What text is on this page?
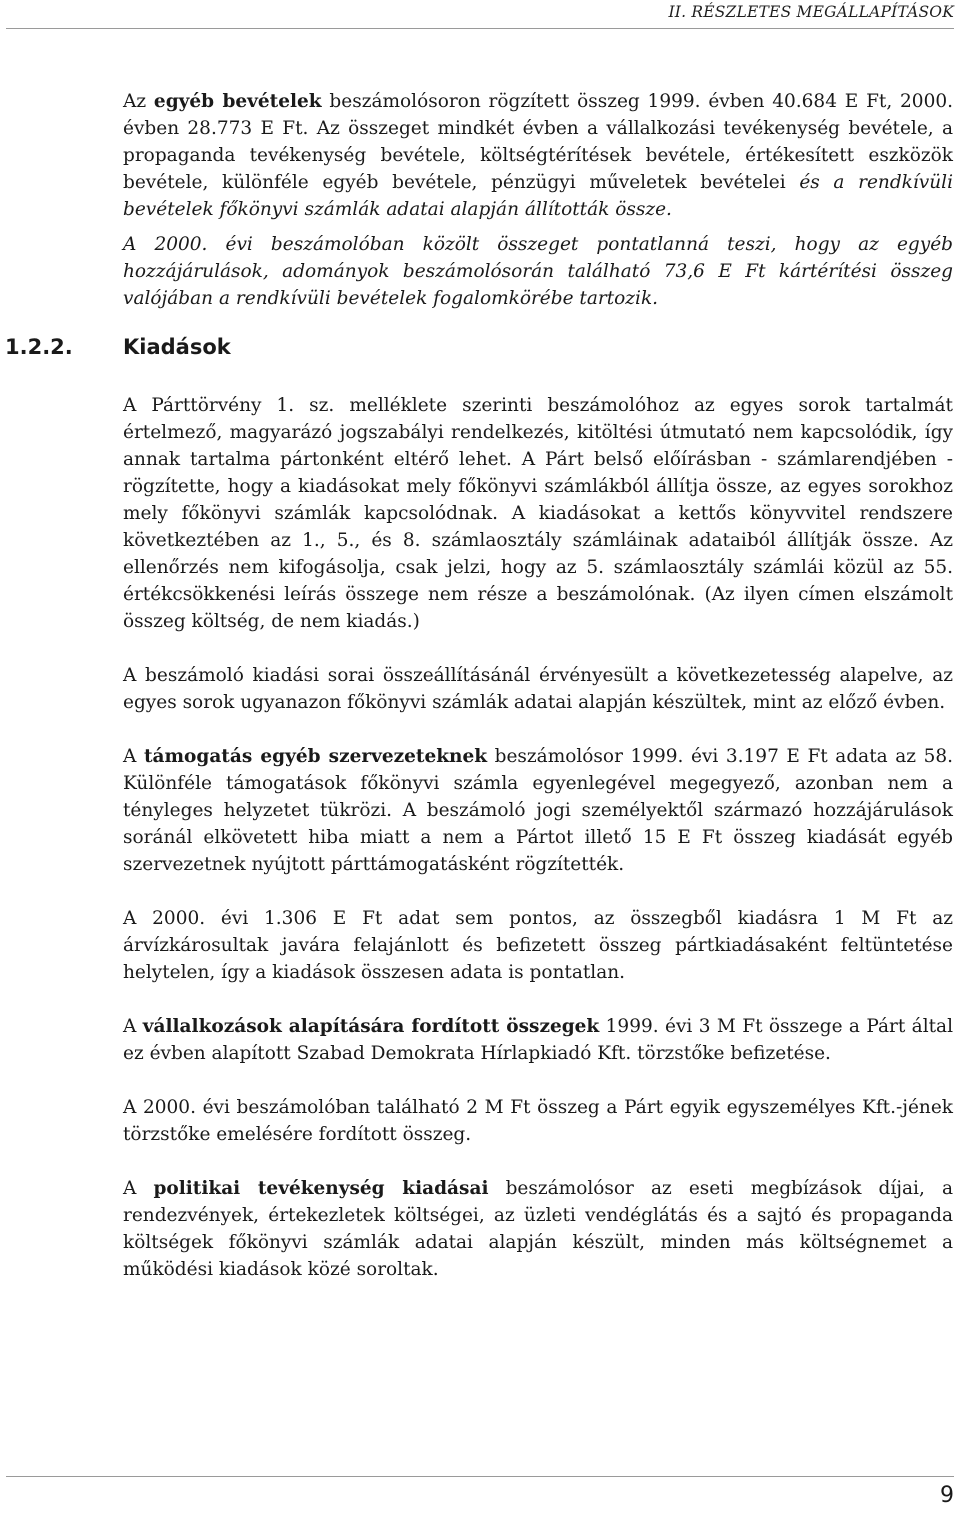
II. RÉSZLETES MEGÁLLAPÍTÁSOK

Az egyéb bevételek beszámolósoron rögzített összeg 1999. évben 40.684 E Ft, 2000. évben 28.773 E Ft. Az összeget mindkét évben a vállalkozási tevékenység bevétele, a propaganda tevékenység bevétele, költségtérítések bevétele, értékesített eszközök bevétele, különféle egyéb bevétele, pénzügyi műveletek bevételei és a rendkívüli bevételek főkönyvi számlák adatai alapján állították össze.

A 2000. évi beszámolóban közölt összeget pontatlanná teszi, hogy az egyéb hozzájárulások, adományok beszámolósorán található 73,6 E Ft kártérítési összeg valójában a rendkívüli bevételek fogalomkörébe tartozik.

1.2.2. Kiadások

A Párttörvény 1. sz. melléklete szerinti beszámolóhoz az egyes sorok tartalmát értelmező, magyarázó jogszabályi rendelkezés, kitöltési útmutató nem kapcsolódik, így annak tartalma pártonként eltérő lehet. A Párt belső előírásban - számlarendjében - rögzítette, hogy a kiadásokat mely főkönyvi számlákból állítja össze, az egyes sorokhoz mely főkönyvi számlák kapcsolódnak. A kiadásokat a kettős könyvvitel rendszere következtében az 1., 5., és 8. számlaosztály számláinak adataiból állítják össze. Az ellenőrzés nem kifogásolja, csak jelzi, hogy az 5. számlaosztály számlái közül az 55. értékcsökkenési leírás összege nem része a beszámolónak. (Az ilyen címen elszámolt összeg költség, de nem kiadás.)

A beszámoló kiadási sorai összeállításánál érvényesült a következetesség alapelve, az egyes sorok ugyanazon főkönyvi számlák adatai alapján készültek, mint az előző évben.

A támogatás egyéb szervezeteknek beszámolósor 1999. évi 3.197 E Ft adata az 58. Különféle támogatások főkönyvi számla egyenlegével megegyező, azonban nem a tényleges helyzetet tükrözi. A beszámoló jogi személyektől származó hozzájárulások soránál elkövetett hiba miatt a nem a Pártot illető 15 E Ft összeg kiadását egyéb szervezetnek nyújtott párttámogatásként rögzítették.

A 2000. évi 1.306 E Ft adat sem pontos, az összegből kiadásra 1 M Ft az árvízkárosultak javára felajánlott és befizetett összeg pártkiadásaként feltüntetése helytelen, így a kiadások összesen adata is pontatlan.

A vállalkozások alapítására fordított összegek 1999. évi 3 M Ft összege a Párt által ez évben alapított Szabad Demokrata Hírlapkiadó Kft. törzstőke befizetése.

A 2000. évi beszámolóban található 2 M Ft összeg a Párt egyik egyszemélyes Kft.-jének törzstőke emelésére fordított összeg.

A politikai tevékenység kiadásai beszámolósor az eseti megbízások díjai, a rendezvények, értekezletek költségei, az üzleti vendéglátás és a sajtó és propaganda költségek főkönyvi számlák adatai alapján készült, minden más költségnemet a működési kiadások közé soroltak.

9
